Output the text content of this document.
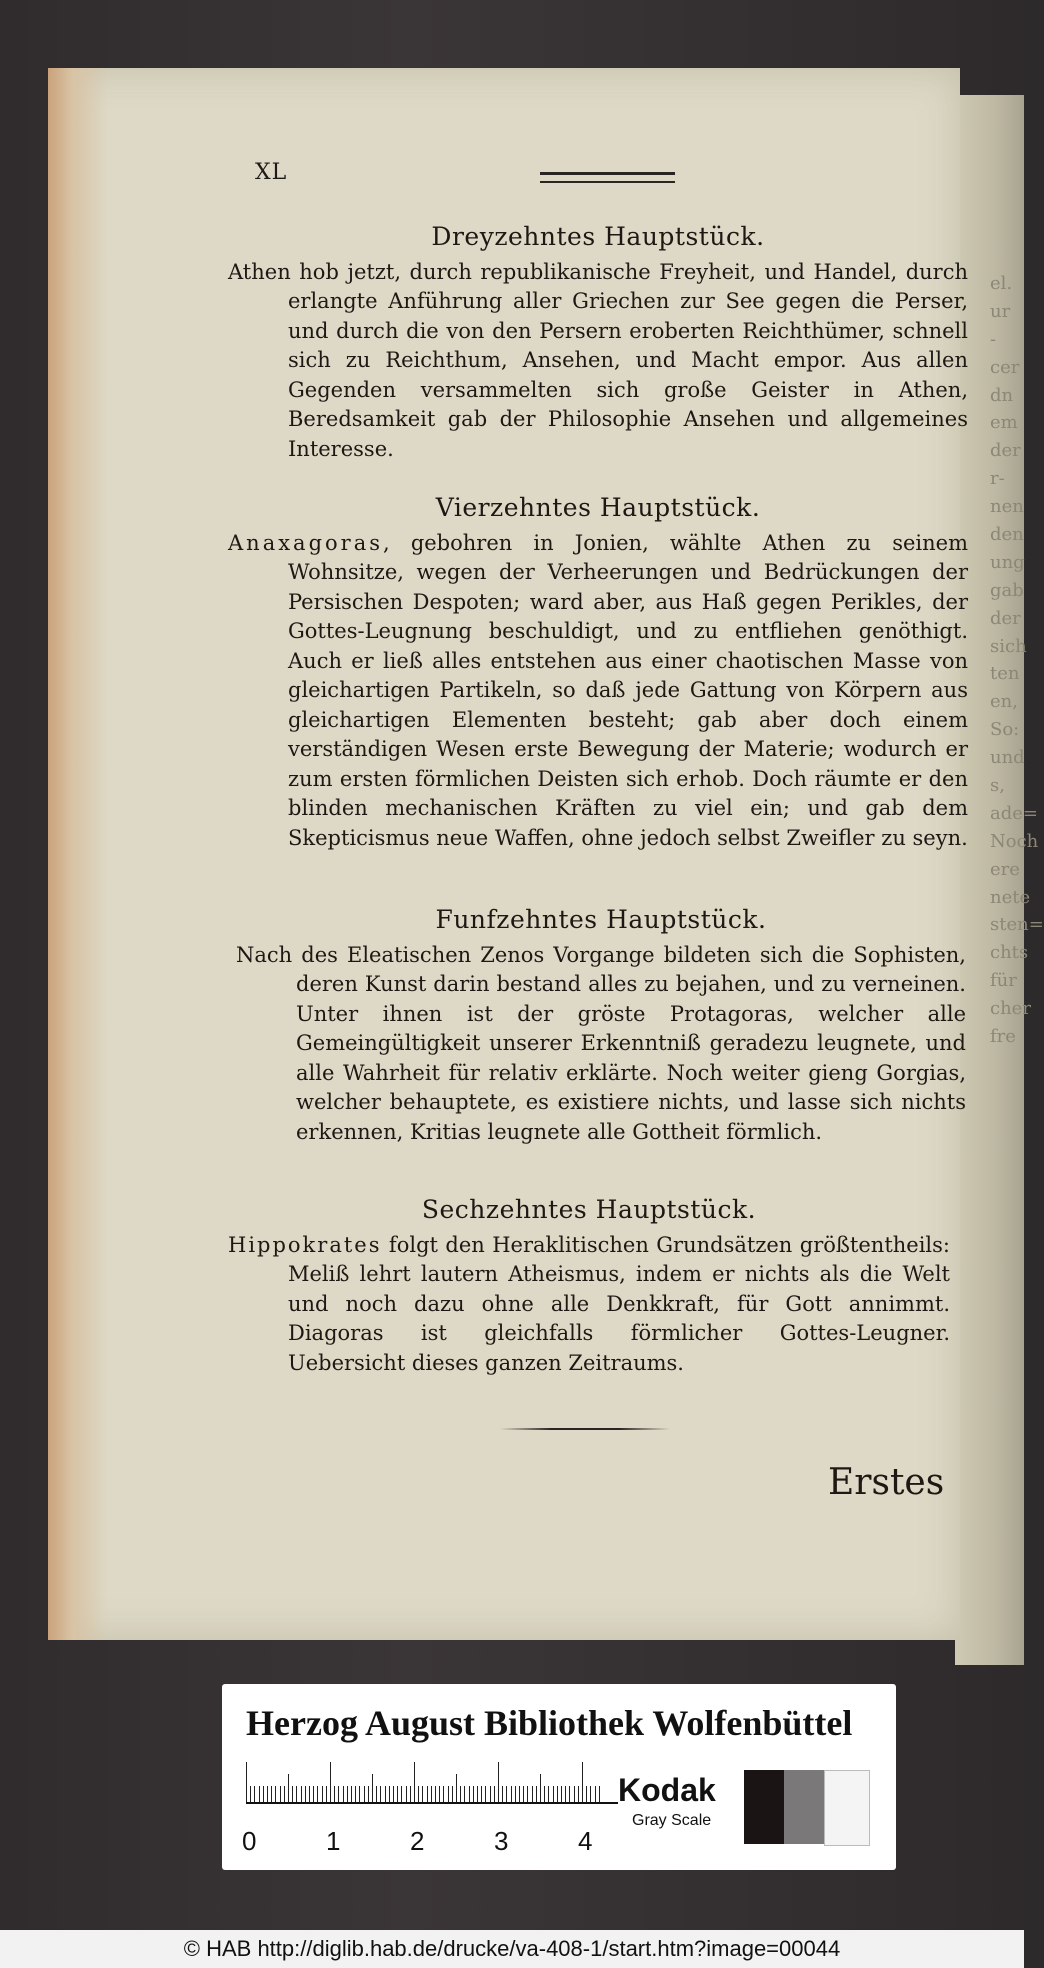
el.
ur
-
cer
dn
em
der
r-
nen
den
ung
gab
der
sich
ten
en,
So:
und
s,
ade=
Noch
ere
nete
sten=
chts
für
cher
fre
XL
Dreyzehntes Hauptstück.

Athen hob jetzt, durch republikanische Freyheit, und Handel, durch erlangte Anführung aller Griechen zur See gegen die Perser, und durch die von den Persern eroberten Reichthümer, schnell sich zu Reichthum, Ansehen, und Macht empor. Aus allen Gegenden versammelten sich große Geister in Athen, Beredsamkeit gab der Philosophie Ansehen und allgemeines Interesse.

Vierzehntes Hauptstück.

Anaxagoras, gebohren in Jonien, wählte Athen zu seinem Wohnsitze, wegen der Verheerungen und Bedrückungen der Persischen Despoten; ward aber, aus Haß gegen Perikles, der Gottes-Leugnung beschuldigt, und zu entfliehen genöthigt. Auch er ließ alles entstehen aus einer chaotischen Masse von gleichartigen Partikeln, so daß jede Gattung von Körpern aus gleichartigen Elementen besteht; gab aber doch einem verständigen Wesen erste Bewegung der Materie; wodurch er zum ersten förmlichen Deisten sich erhob. Doch räumte er den blinden mechanischen Kräften zu viel ein; und gab dem Skepticismus neue Waffen, ohne jedoch selbst Zweifler zu seyn.

Funfzehntes Hauptstück.

Nach des Eleatischen Zenos Vorgange bildeten sich die Sophisten, deren Kunst darin bestand alles zu bejahen, und zu verneinen. Unter ihnen ist der gröste Protagoras, welcher alle Gemeingültigkeit unserer Erkenntniß geradezu leugnete, und alle Wahrheit für relativ erklärte. Noch weiter gieng Gorgias, welcher behauptete, es existiere nichts, und lasse sich nichts erkennen, Kritias leugnete alle Gottheit förmlich.

Sechzehntes Hauptstück.

Hippokrates folgt den Heraklitischen Grundsätzen größtentheils: Meliß lehrt lautern Atheismus, indem er nichts als die Welt und noch dazu ohne alle Denkkraft, für Gott annimmt. Diagoras ist gleichfalls förmlicher Gottes-Leugner. Uebersicht dieses ganzen Zeitraums.

Erstes
Herzog August Bibliothek Wolfenbüttel
0	1	2	3	4
Kodak
Gray Scale
© HAB http://diglib.hab.de/drucke/va-408-1/start.htm?image=00044
